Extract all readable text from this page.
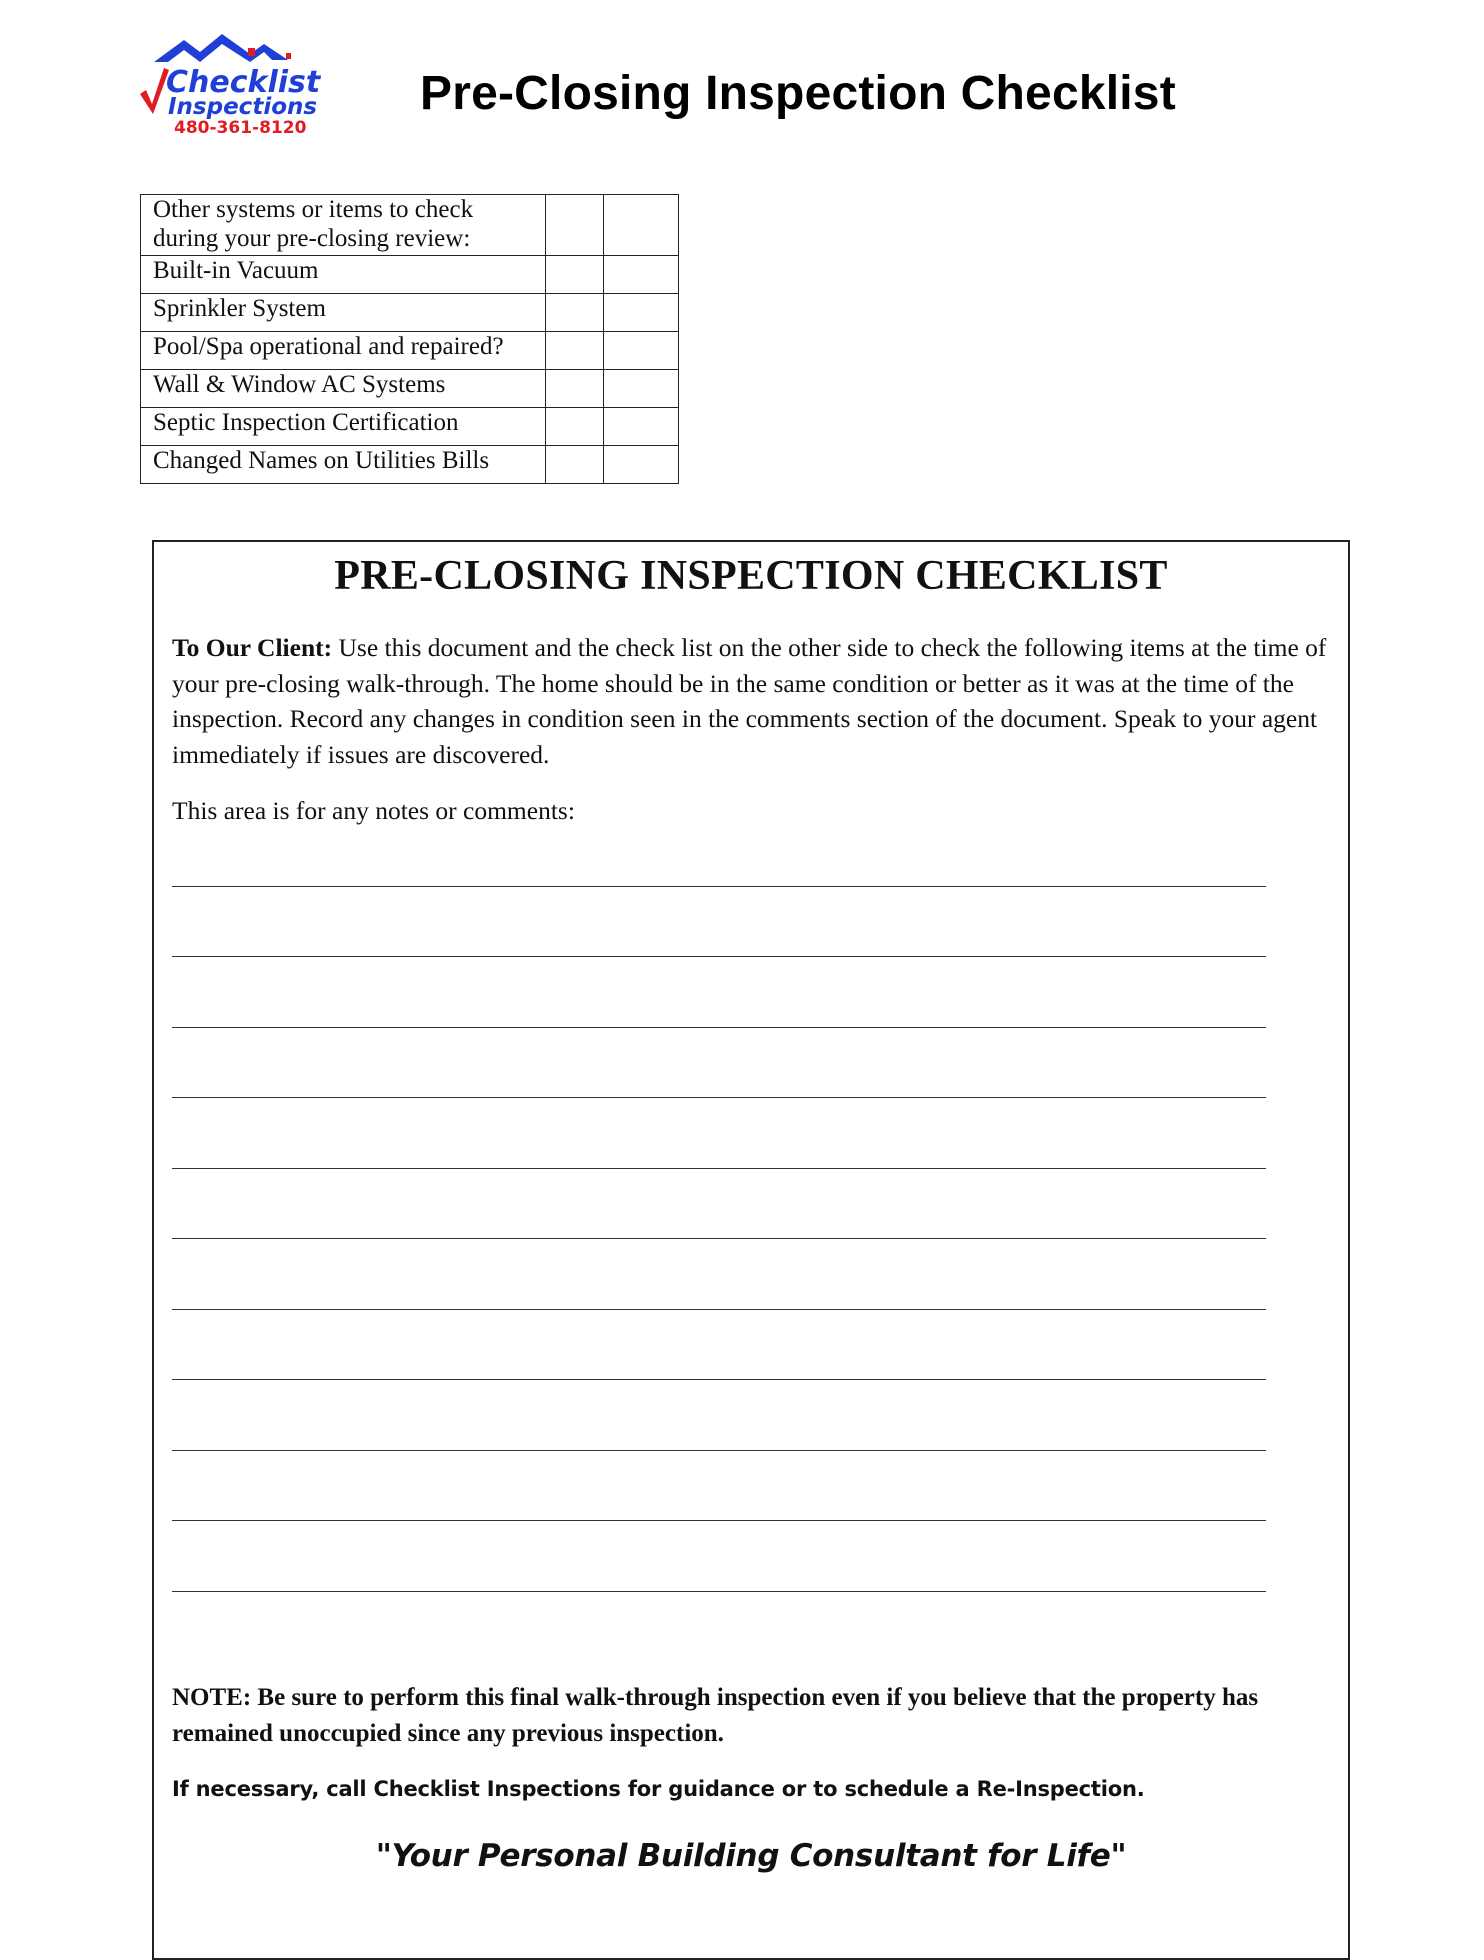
Checklist
Inspections
480-361-8120
Pre-Closing Inspection Checklist
Other systems or items to check during your pre-closing review:		
Built-in Vacuum		
Sprinkler System		
Pool/Spa operational and repaired?		
Wall & Window AC Systems		
Septic Inspection Certification		
Changed Names on Utilities Bills		
PRE-CLOSING INSPECTION CHECKLIST

To Our Client: Use this document and the check list on the other side to check the following items at the time of your pre-closing walk-through. The home should be in the same condition or better as it was at the time of the inspection. Record any changes in condition seen in the comments section of the document. Speak to your agent immediately if issues are discovered.

This area is for any notes or comments:

NOTE: Be sure to perform this final walk-through inspection even if you believe that the property has remained unoccupied since any previous inspection.

If necessary, call Checklist Inspections for guidance or to schedule a Re-Inspection.

"Your Personal Building Consultant for Life"
